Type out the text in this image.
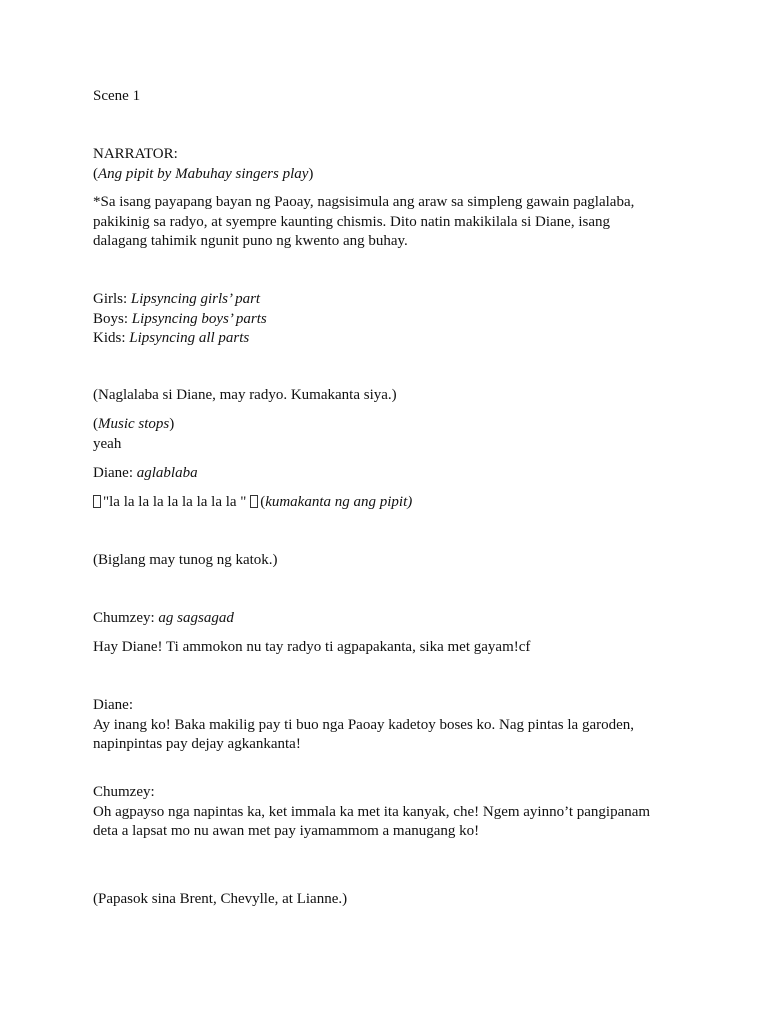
Scene 1

NARRATOR:
(Ang pipit by Mabuhay singers play)
*Sa isang payapang bayan ng Paoay, nagsisimula ang araw sa simpleng gawain paglalaba,
pakikinig sa radyo, at syempre kaunting chismis. Dito natin makikilala si Diane, isang
dalagang tahimik ngunit puno ng kwento ang buhay.
Girls: Lipsyncing girls’ part
Boys: Lipsyncing boys’ parts
Kids: Lipsyncing all parts

(Naglalaba si Diane, may radyo. Kumakanta siya.)

(Music stops)
yeah

Diane: aglablaba

"la la la la la la la la la " (kumakanta ng ang pipit)

(Biglang may tunog ng katok.)

Chumzey: ag sagsagad

Hay Diane! Ti ammokon nu tay radyo ti agpapakanta, sika met gayam!cf

Diane:
Ay inang ko! Baka makilig pay ti buo nga Paoay kadetoy boses ko. Nag pintas la garoden,
napinpintas pay dejay agkankanta!
Chumzey:
Oh agpayso nga napintas ka, ket immala ka met ita kanyak, che! Ngem ayinno’t pangipanam
deta a lapsat mo nu awan met pay iyamammom a manugang ko!

(Papasok sina Brent, Chevylle, at Lianne.)
